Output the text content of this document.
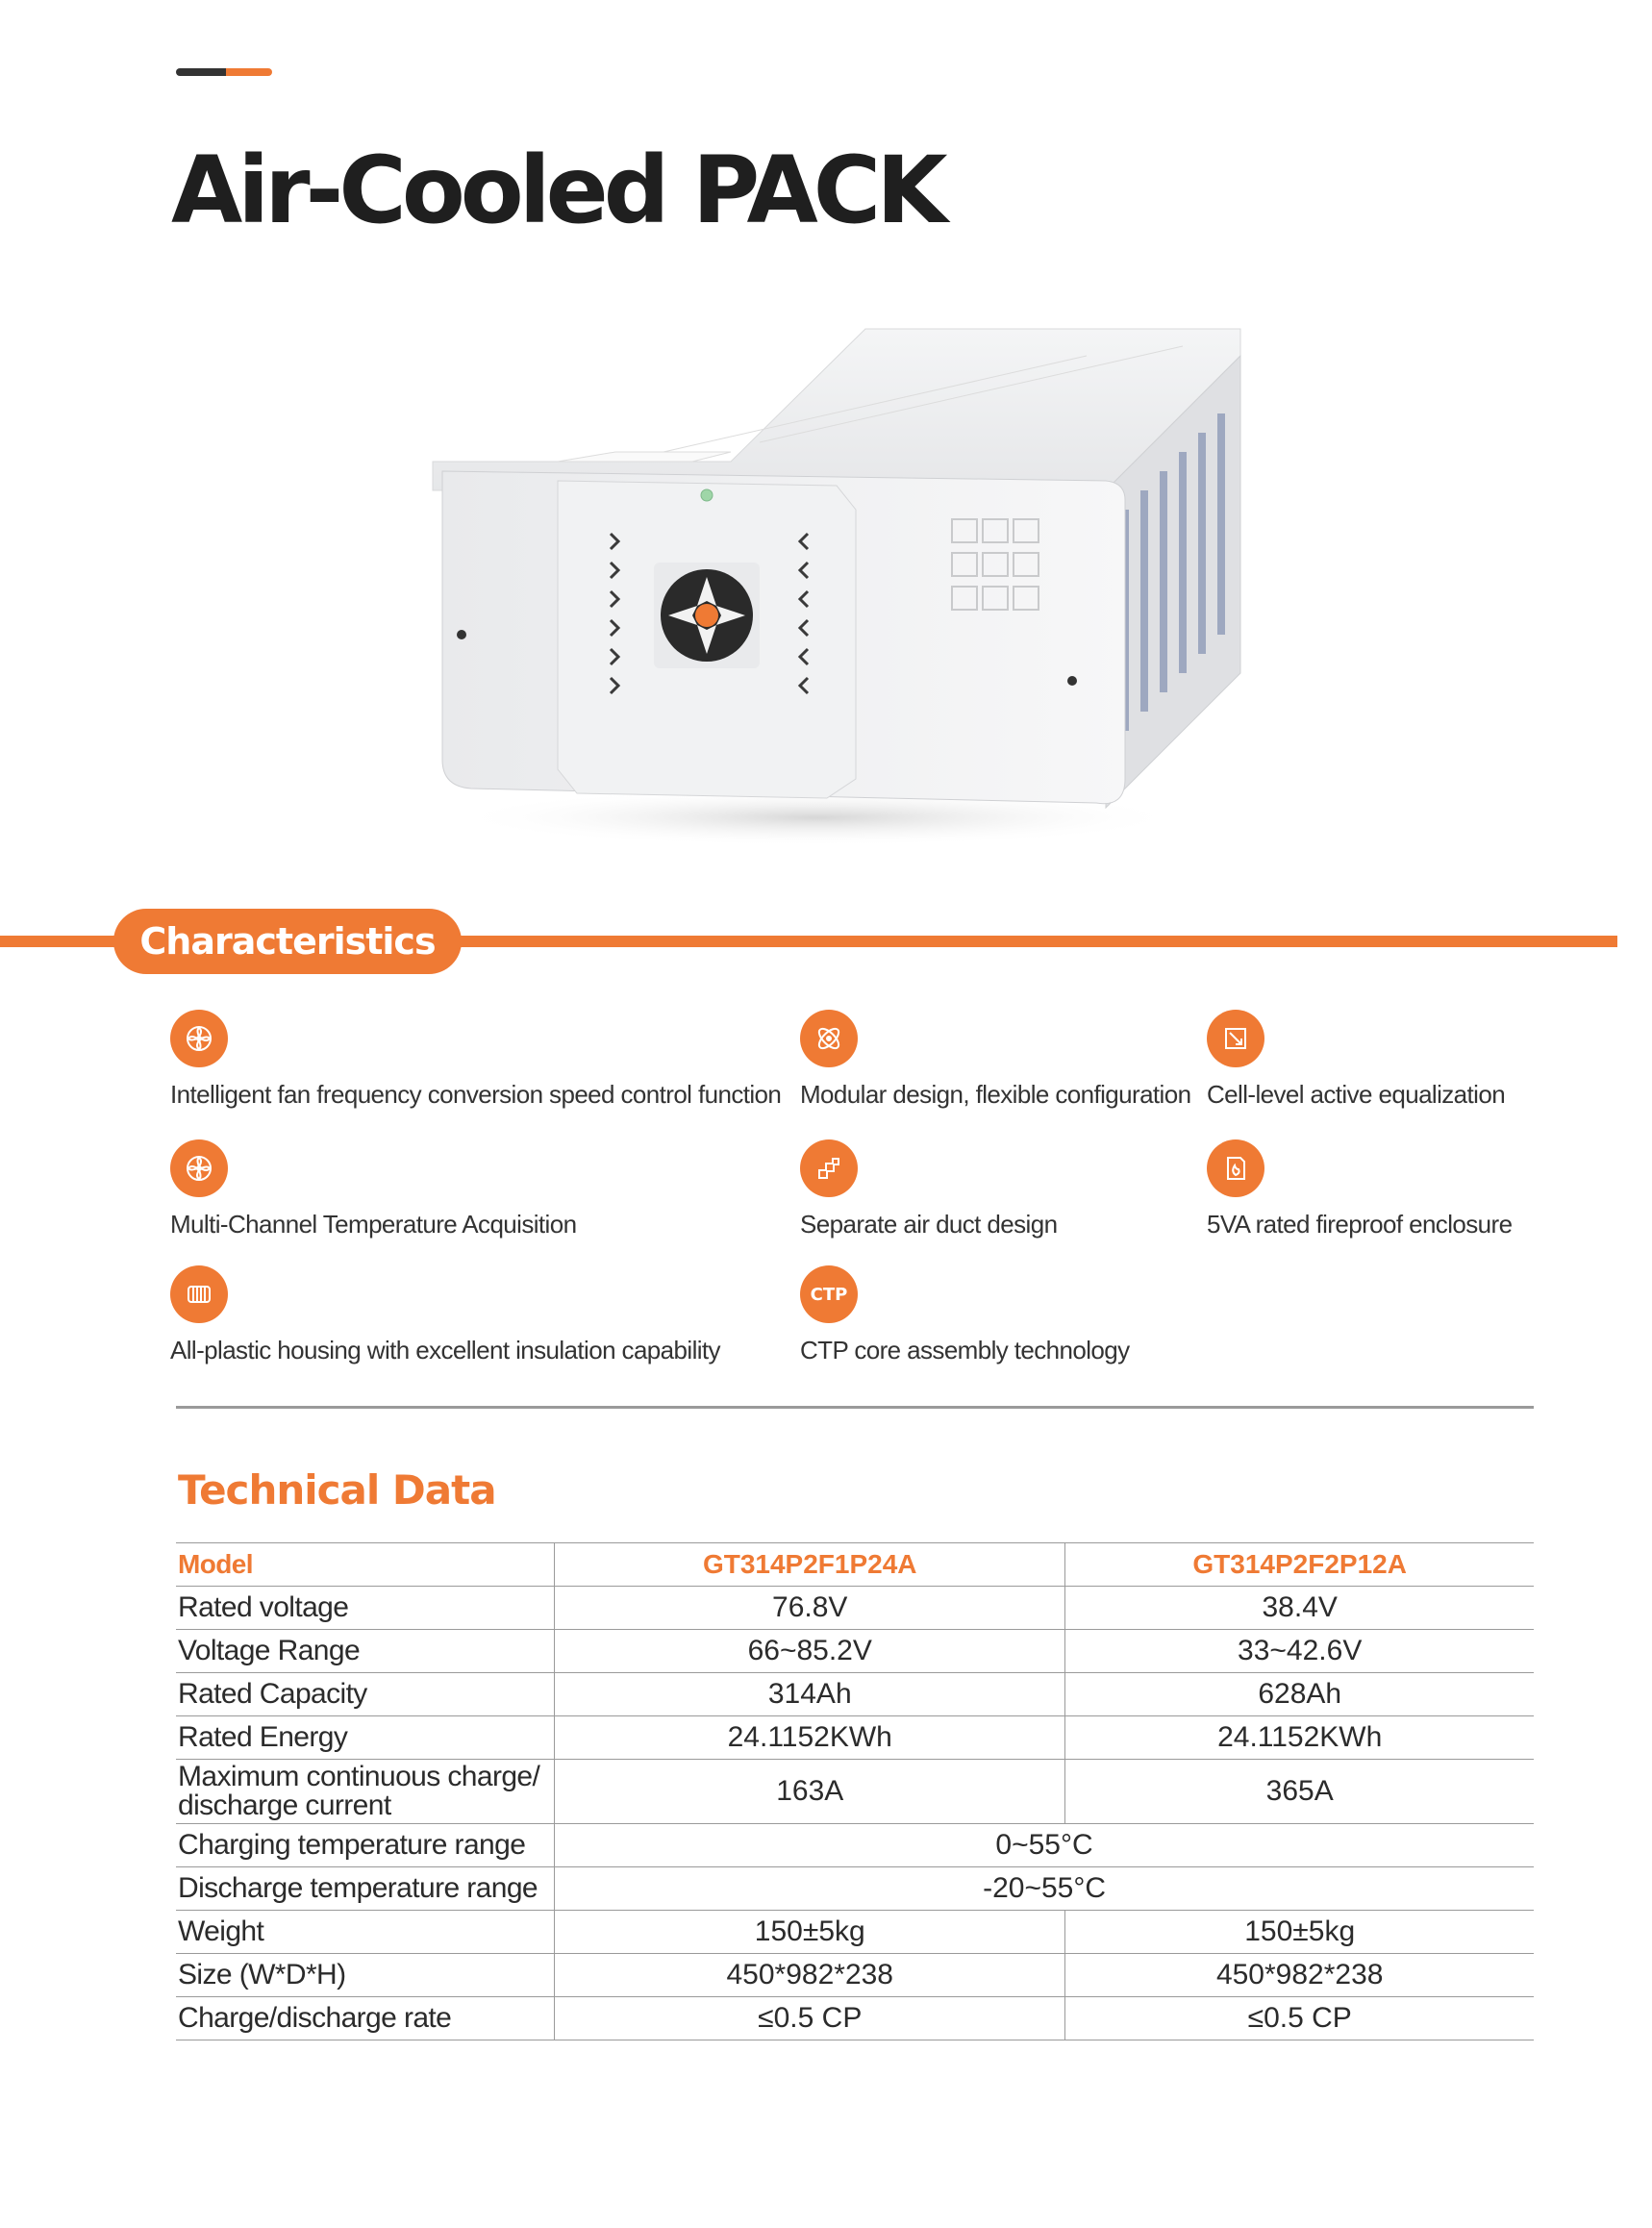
Air-Cooled PACK
Characteristics
Intelligent fan frequency conversion speed control function Modular design, flexible configuration Cell-level active equalization
Multi-Channel Temperature Acquisition	Separate air duct design	5VA rated fireproof enclosure
All-plastic housing with excellent insulation capability
CTP
CTP core assembly technology
Technical Data
Model	GT314P2F1P24A	GT314P2F2P12A
Rated voltage	76.8V	38.4V
Voltage Range	66~85.2V	33~42.6V
Rated Capacity	314Ah	628Ah
Rated Energy	24.1152KWh	24.1152KWh

Maximum continuous charge/
discharge current	163A	365A
Charging temperature range	0~55°C	
Discharge temperature range	-20~55°C	
Weight	150±5kg	150±5kg
Size (W*D*H)	450*982*238	450*982*238
Charge/discharge rate	≤0.5 CP	≤0.5 CP
